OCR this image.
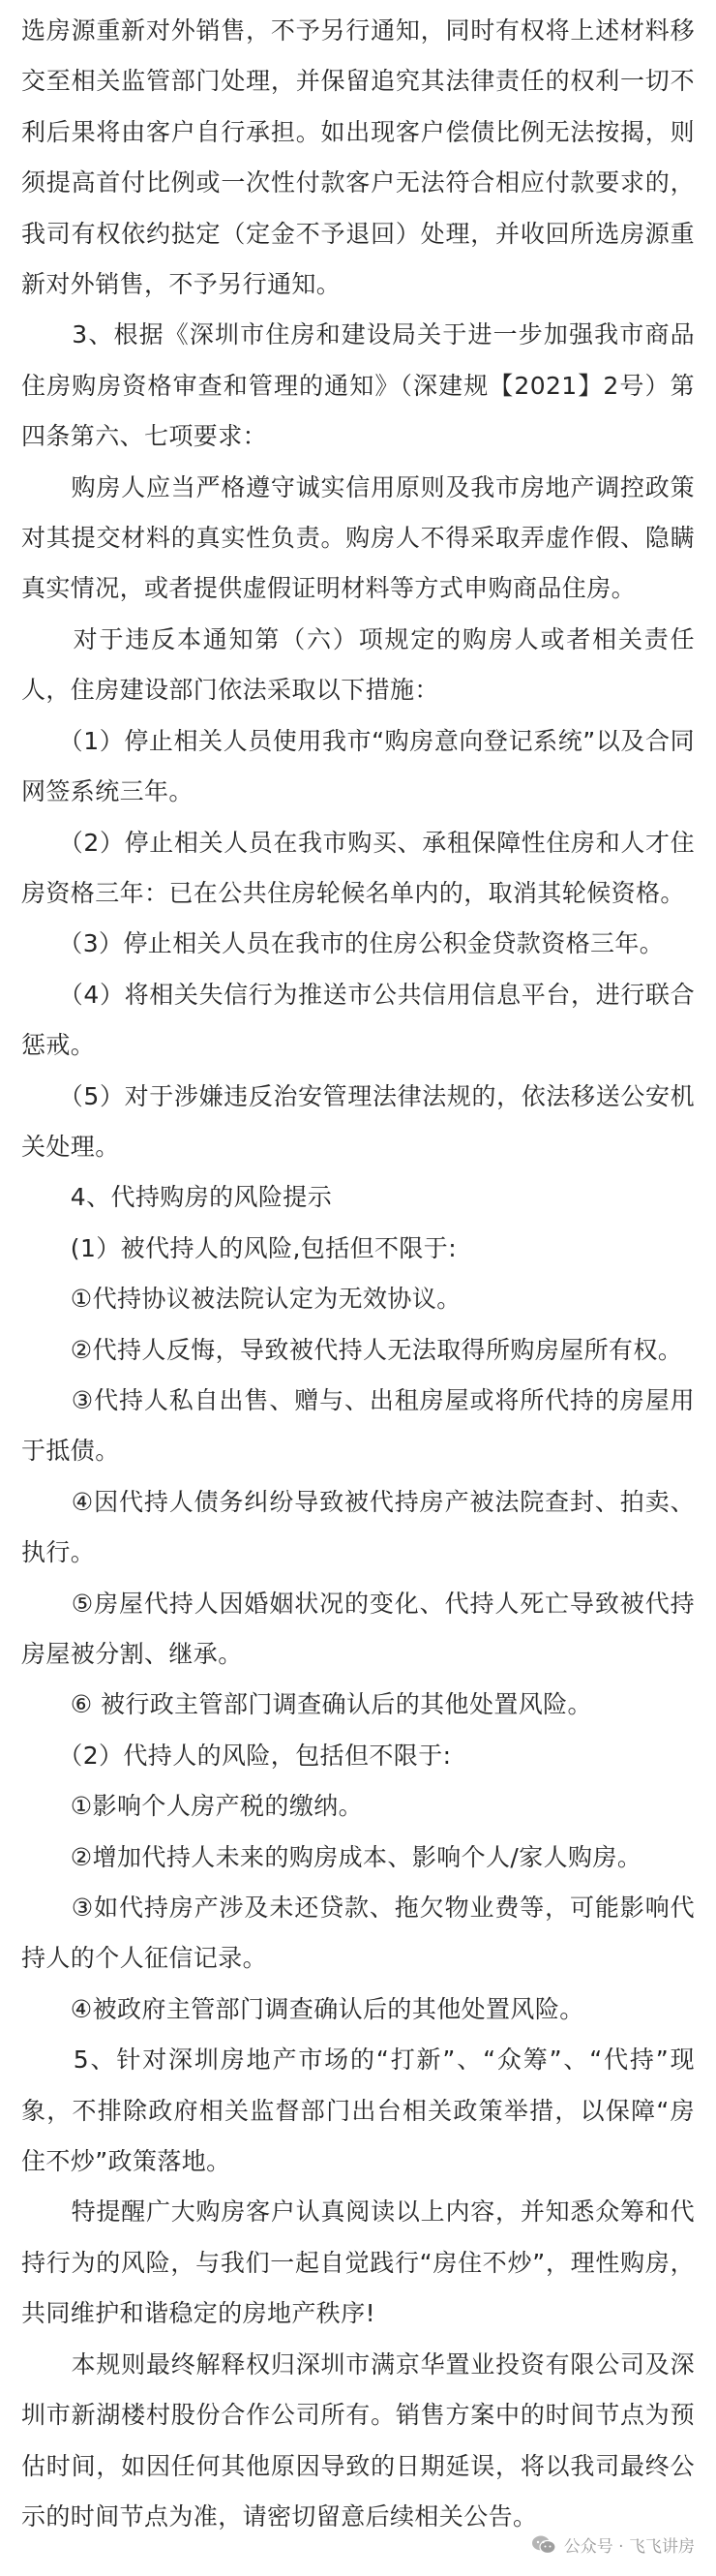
选房源重新对外销售，不予另行通知，同时有权将上述材料移交至相关监管部门处理，并保留追究其法律责任的权利一切不利后果将由客户自行承担。如出现客户偿债比例无法按揭，则须提高首付比例或一次性付款客户无法符合相应付款要求的，我司有权依约挞定（定金不予退回）处理，并收回所选房源重新对外销售，不予另行通知。

　　3、根据《深圳市住房和建设局关于进一步加强我市商品住房购房资格审查和管理的通知》（深建规【2021】2号）第四条第六、七项要求：

　　购房人应当严格遵守诚实信用原则及我市房地产调控政策对其提交材料的真实性负责。购房人不得采取弄虚作假、隐瞒真实情况，或者提供虚假证明材料等方式申购商品住房。

　　对于违反本通知第（六）项规定的购房人或者相关责任人，住房建设部门依法采取以下措施：

　　（1）停止相关人员使用我市“购房意向登记系统”以及合同网签系统三年。

　　（2）停止相关人员在我市购买、承租保障性住房和人才住房资格三年：已在公共住房轮候名单内的，取消其轮候资格。

　　（3）停止相关人员在我市的住房公积金贷款资格三年。

　　（4）将相关失信行为推送市公共信用信息平台，进行联合惩戒。

　　（5）对于涉嫌违反治安管理法律法规的，依法移送公安机关处理。

　　4、代持购房的风险提示

　　(1）被代持人的风险,包括但不限于:

　　①代持协议被法院认定为无效协议。

　　②代持人反悔，导致被代持人无法取得所购房屋所有权。

　　③代持人私自出售、赠与、出租房屋或将所代持的房屋用于抵债。

　　④因代持人债务纠纷导致被代持房产被法院查封、拍卖、执行。

　　⑤房屋代持人因婚姻状况的变化、代持人死亡导致被代持房屋被分割、继承。

　　⑥ 被行政主管部门调查确认后的其他处置风险。

　　（2）代持人的风险，包括但不限于:

　　①影响个人房产税的缴纳。

　　②增加代持人未来的购房成本、影响个人/家人购房。

　　③如代持房产涉及未还贷款、拖欠物业费等，可能影响代持人的个人征信记录。

　　④被政府主管部门调查确认后的其他处置风险。

　　5、针对深圳房地产市场的“打新”、“众筹”、“代持”现象，不排除政府相关监督部门出台相关政策举措，以保障“房住不炒”政策落地。

　　特提醒广大购房客户认真阅读以上内容，并知悉众筹和代持行为的风险，与我们一起自觉践行“房住不炒”，理性购房，共同维护和谐稳定的房地产秩序!

　　本规则最终解释权归深圳市满京华置业投资有限公司及深圳市新湖楼村股份合作公司所有。销售方案中的时间节点为预估时间，如因任何其他原因导致的日期延误，将以我司最终公示的时间节点为准，请密切留意后续相关公告。

公众号 · 飞飞讲房
